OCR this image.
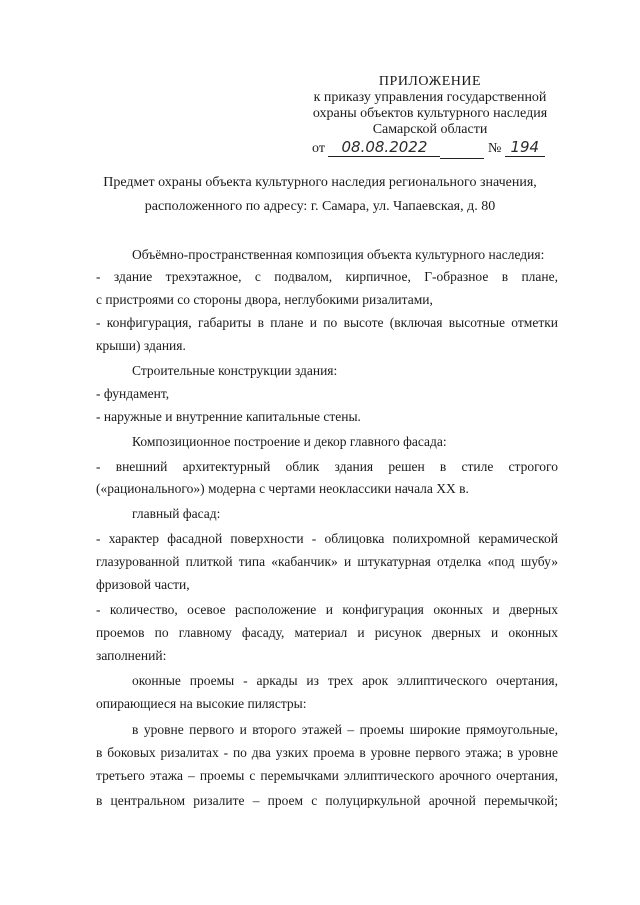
ПРИЛОЖЕНИЕ
к приказу управления государственной
охраны объектов культурного наследия
Самарской области
от 08.08.2022	№ 194
Предмет охраны объекта культурного наследия регионального значения,
расположенного по адресу: г. Самара, ул. Чапаевская, д. 80
Объёмно-пространственная композиция объекта культурного наследия:
- здание трехэтажное, с подвалом, кирпичное, Г-образное в плане,
с пристроями со стороны двора, неглубокими ризалитами,
- конфигурация, габариты в плане и по высоте (включая высотные отметки
крыши) здания.
Строительные конструкции здания:
- фундамент,
- наружные и внутренние капитальные стены.
Композиционное построение и декор главного фасада:
- внешний архитектурный облик здания решен в стиле строгого
(«рационального») модерна с чертами неоклассики начала XX в.
главный фасад:
- характер фасадной поверхности - облицовка полихромной керамической
глазурованной плиткой типа «кабанчик» и штукатурная отделка «под шубу»
фризовой части,
- количество, осевое расположение и конфигурация оконных и дверных
проемов по главному фасаду, материал и рисунок дверных и оконных
заполнений:
оконные проемы - аркады из трех арок эллиптического очертания,
опирающиеся на высокие пилястры:
в уровне первого и второго этажей – проемы широкие прямоугольные,
в боковых ризалитах - по два узких проема в уровне первого этажа; в уровне
третьего этажа – проемы с перемычками эллиптического арочного очертания,
в центральном ризалите – проем с полуциркульной арочной перемычкой;
